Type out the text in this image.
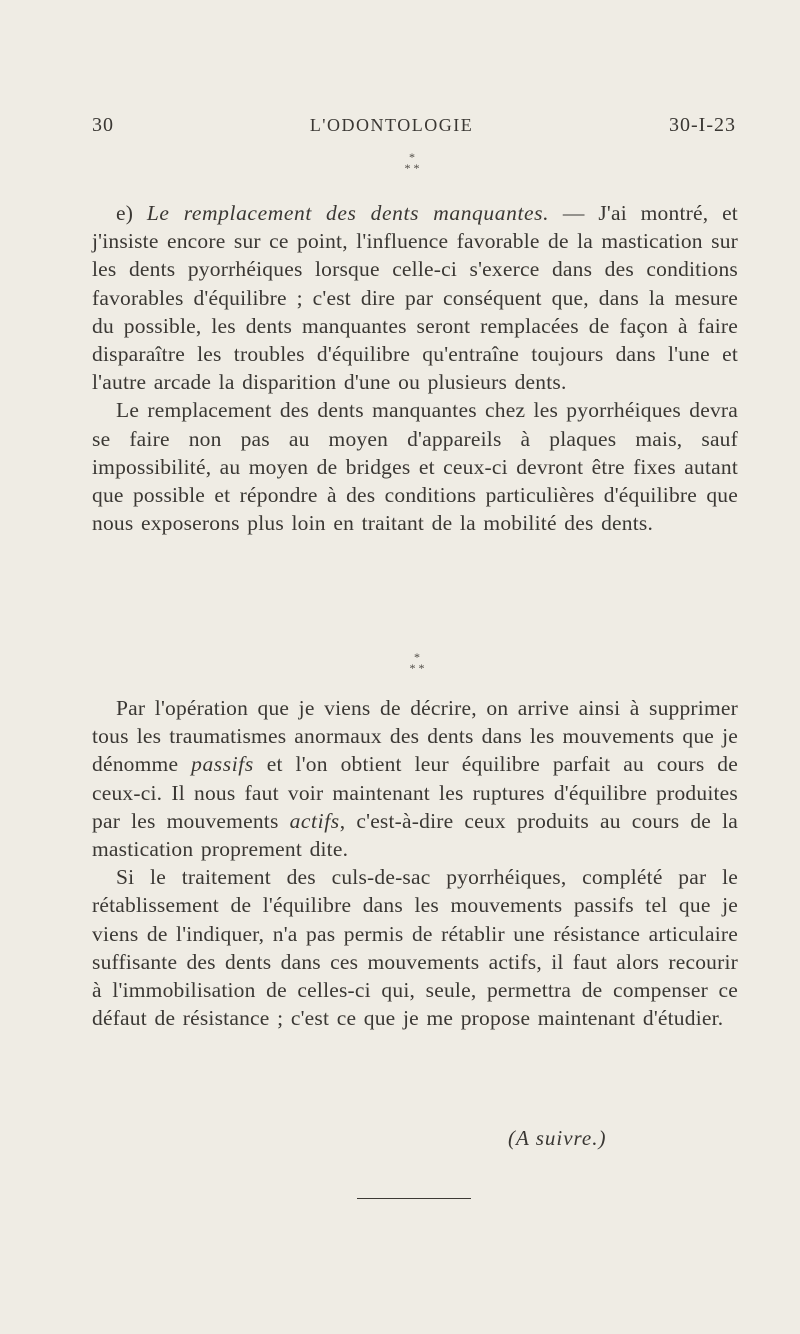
30	L'ODONTOLOGIE	30-I-23
*
* *

e) Le remplacement des dents manquantes. — J'ai montré, et j'insiste encore sur ce point, l'influence favorable de la mastication sur les dents pyorrhéiques lorsque celle-ci s'exerce dans des conditions favorables d'équilibre ; c'est dire par conséquent que, dans la mesure du possible, les dents manquantes seront remplacées de façon à faire disparaître les troubles d'équilibre qu'entraîne toujours dans l'une et l'autre arcade la disparition d'une ou plusieurs dents.

Le remplacement des dents manquantes chez les pyorrhéiques devra se faire non pas au moyen d'appareils à plaques mais, sauf impossibilité, au moyen de bridges et ceux-ci devront être fixes autant que possible et répondre à des conditions particulières d'équilibre que nous exposerons plus loin en traitant de la mobilité des dents.

*
* *

Par l'opération que je viens de décrire, on arrive ainsi à supprimer tous les traumatismes anormaux des dents dans les mouvements que je dénomme passifs et l'on obtient leur équilibre parfait au cours de ceux-ci. Il nous faut voir maintenant les ruptures d'équilibre produites par les mouvements actifs, c'est-à-dire ceux produits au cours de la mastication proprement dite.

Si le traitement des culs-de-sac pyorrhéiques, complété par le rétablissement de l'équilibre dans les mouvements passifs tel que je viens de l'indiquer, n'a pas permis de rétablir une résistance articulaire suffisante des dents dans ces mouvements actifs, il faut alors recourir à l'immobilisation de celles-ci qui, seule, permettra de compenser ce défaut de résistance ; c'est ce que je me propose maintenant d'étudier.

(A suivre.)
